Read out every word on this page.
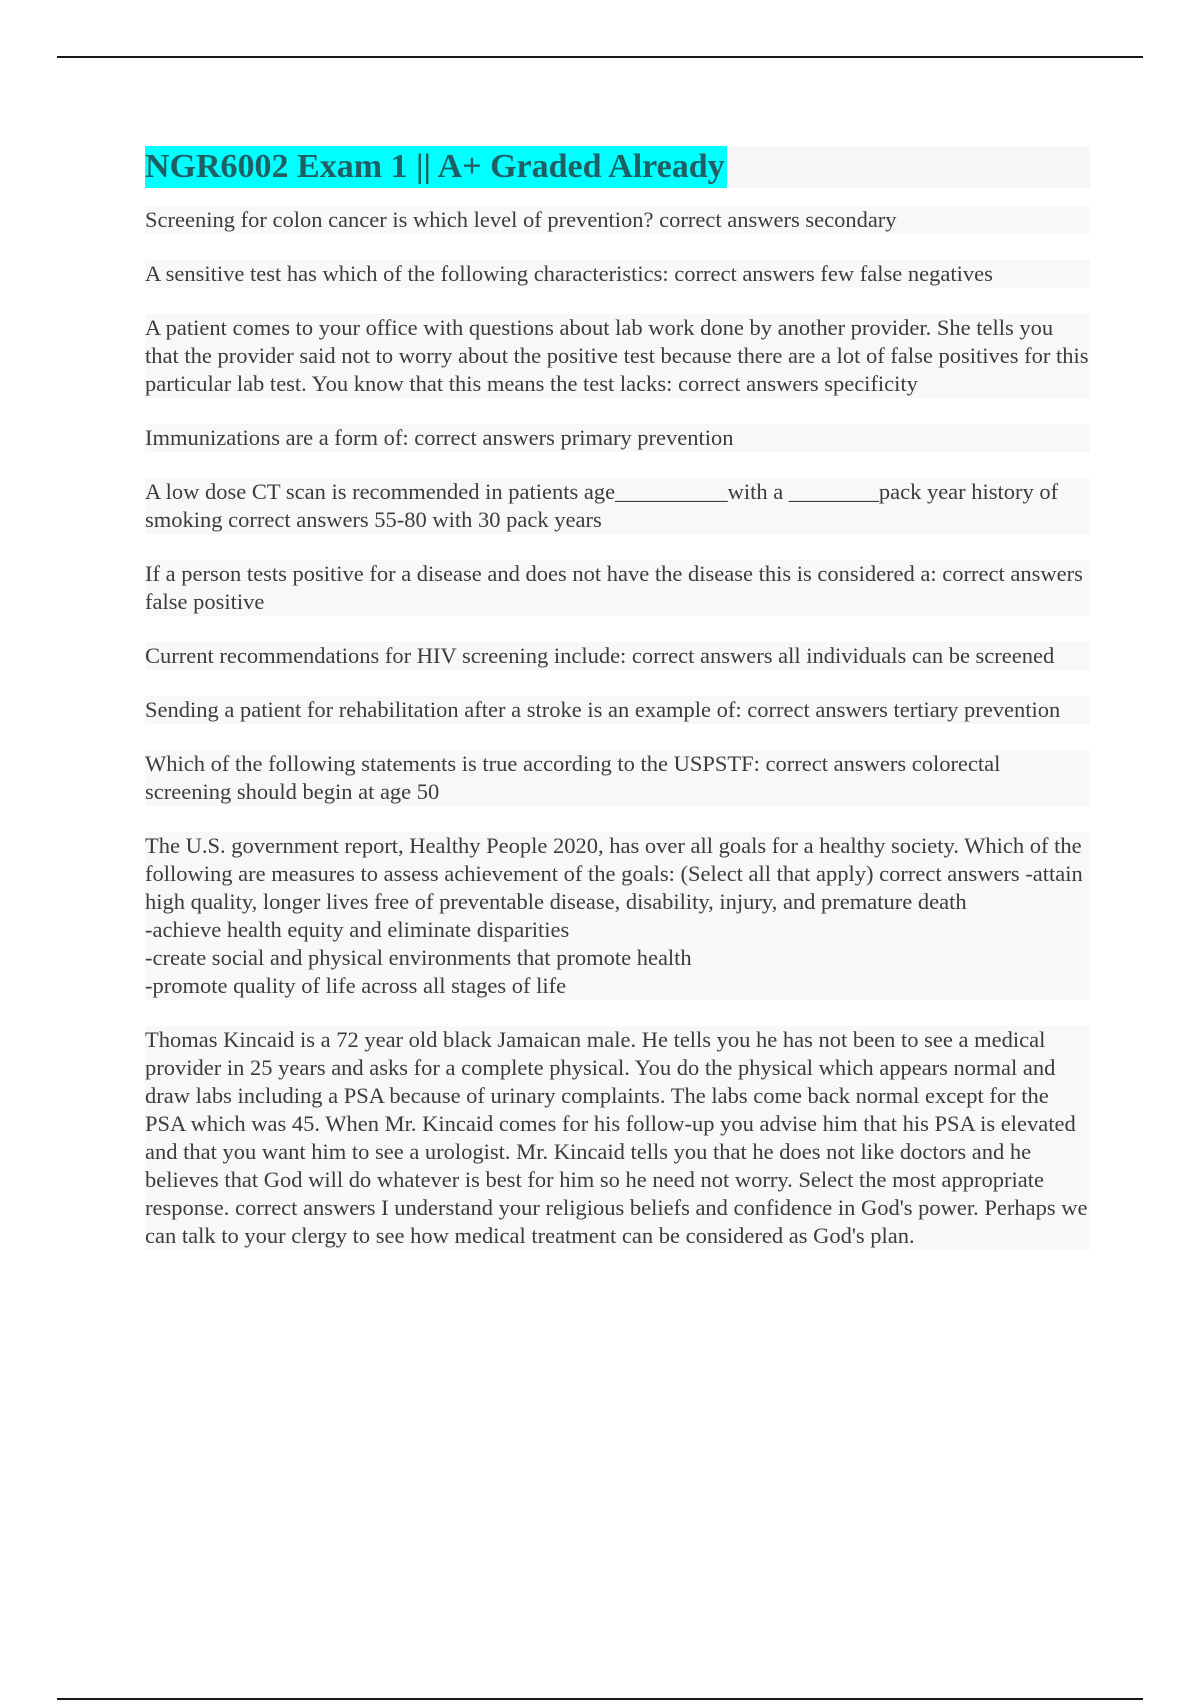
NGR6002 Exam 1 || A+ Graded Already

Screening for colon cancer is which level of prevention? correct answers secondary

A sensitive test has which of the following characteristics: correct answers few false negatives

A patient comes to your office with questions about lab work done by another provider. She tells you that the provider said not to worry about the positive test because there are a lot of false positives for this particular lab test. You know that this means the test lacks: correct answers specificity

Immunizations are a form of: correct answers primary prevention

A low dose CT scan is recommended in patients age__________with a ________pack year history of smoking correct answers 55-80 with 30 pack years

If a person tests positive for a disease and does not have the disease this is considered a: correct answers false positive

Current recommendations for HIV screening include: correct answers all individuals can be screened

Sending a patient for rehabilitation after a stroke is an example of: correct answers tertiary prevention

Which of the following statements is true according to the USPSTF: correct answers colorectal screening should begin at age 50

The U.S. government report, Healthy People 2020, has over all goals for a healthy society. Which of the following are measures to assess achievement of the goals: (Select all that apply) correct answers -attain high quality, longer lives free of preventable disease, disability, injury, and premature death
-achieve health equity and eliminate disparities
-create social and physical environments that promote health
-promote quality of life across all stages of life

Thomas Kincaid is a 72 year old black Jamaican male. He tells you he has not been to see a medical provider in 25 years and asks for a complete physical. You do the physical which appears normal and draw labs including a PSA because of urinary complaints. The labs come back normal except for the PSA which was 45. When Mr. Kincaid comes for his follow-up you advise him that his PSA is elevated and that you want him to see a urologist. Mr. Kincaid tells you that he does not like doctors and he believes that God will do whatever is best for him so he need not worry. Select the most appropriate response. correct answers I understand your religious beliefs and confidence in God's power. Perhaps we can talk to your clergy to see how medical treatment can be considered as God's plan.
